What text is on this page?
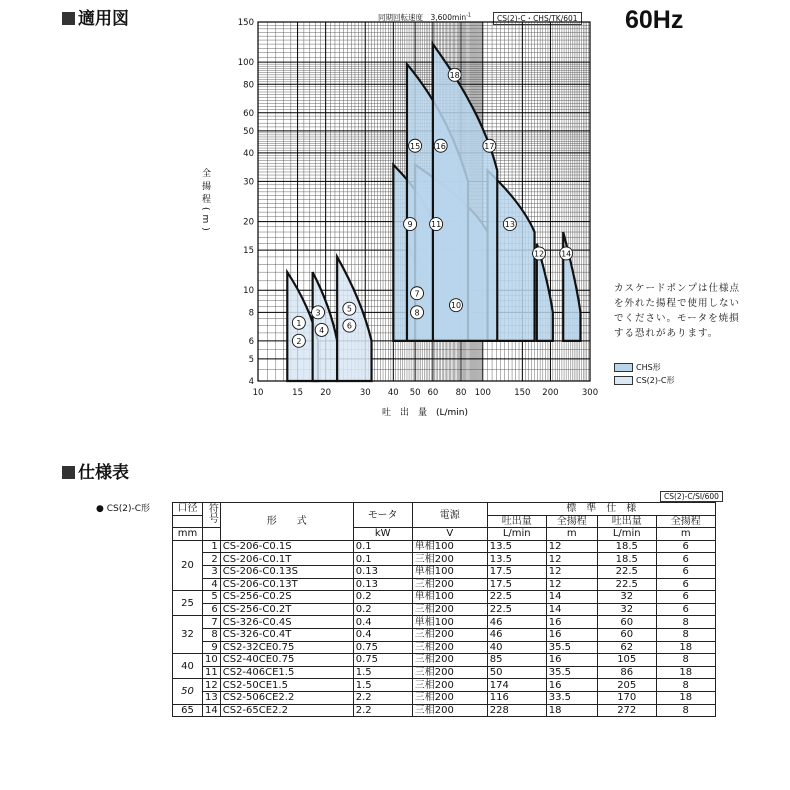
適用図	60Hz
同期回転速度　$3,600\min^{-1}$	CS(2)-C・CHS/TK/601
1
2
3
4
5
6
7
8
9
10
11
12
13
14
15 16	17
18
10	15 20	30 40 50 60 80 100	150 200	300
4
5
6
8
10
15
20
30
40
50
60
80
100
150
全揚程(m)
吐　出　量　(L/min)
カスケードポンプは仕様点を外れた揚程で使用しないでください。モータを焼損する恐れがあります。
CHS形
CS(2)-C形
仕様表
● CS(2)-C形
CS(2)-C/SI/600
口径	符号	形　　式	モータ	電源	標　準　仕　様			
					吐出量	全揚程	吐出量	全揚程
mm			kW	V	L/min	m	L/min	m
20	1	CS-206-C0.1S	0.1	単相100	13.5	12	18.5	6
	2	CS-206-C0.1T	0.1	三相200	13.5	12	18.5	6
	3	CS-206-C0.13S	0.13	単相100	17.5	12	22.5	6
	4	CS-206-C0.13T	0.13	三相200	17.5	12	22.5	6
25	5	CS-256-C0.2S	0.2	単相100	22.5	14	32	6
	6	CS-256-C0.2T	0.2	三相200	22.5	14	32	6
32	7	CS-326-C0.4S	0.4	単相100	46	16	60	8
	8	CS-326-C0.4T	0.4	三相200	46	16	60	8
	9	CS2-32CE0.75	0.75	三相200	40	35.5	62	18
40	10	CS2-40CE0.75	0.75	三相200	85	16	105	8
	11	CS2-406CE1.5	1.5	三相200	50	35.5	86	18
50	12	CS2-50CE1.5	1.5	三相200	174	16	205	8
	13	CS2-506CE2.2	2.2	三相200	116	33.5	170	18
65	14	CS2-65CE2.2	2.2	三相200	228	18	272	8
